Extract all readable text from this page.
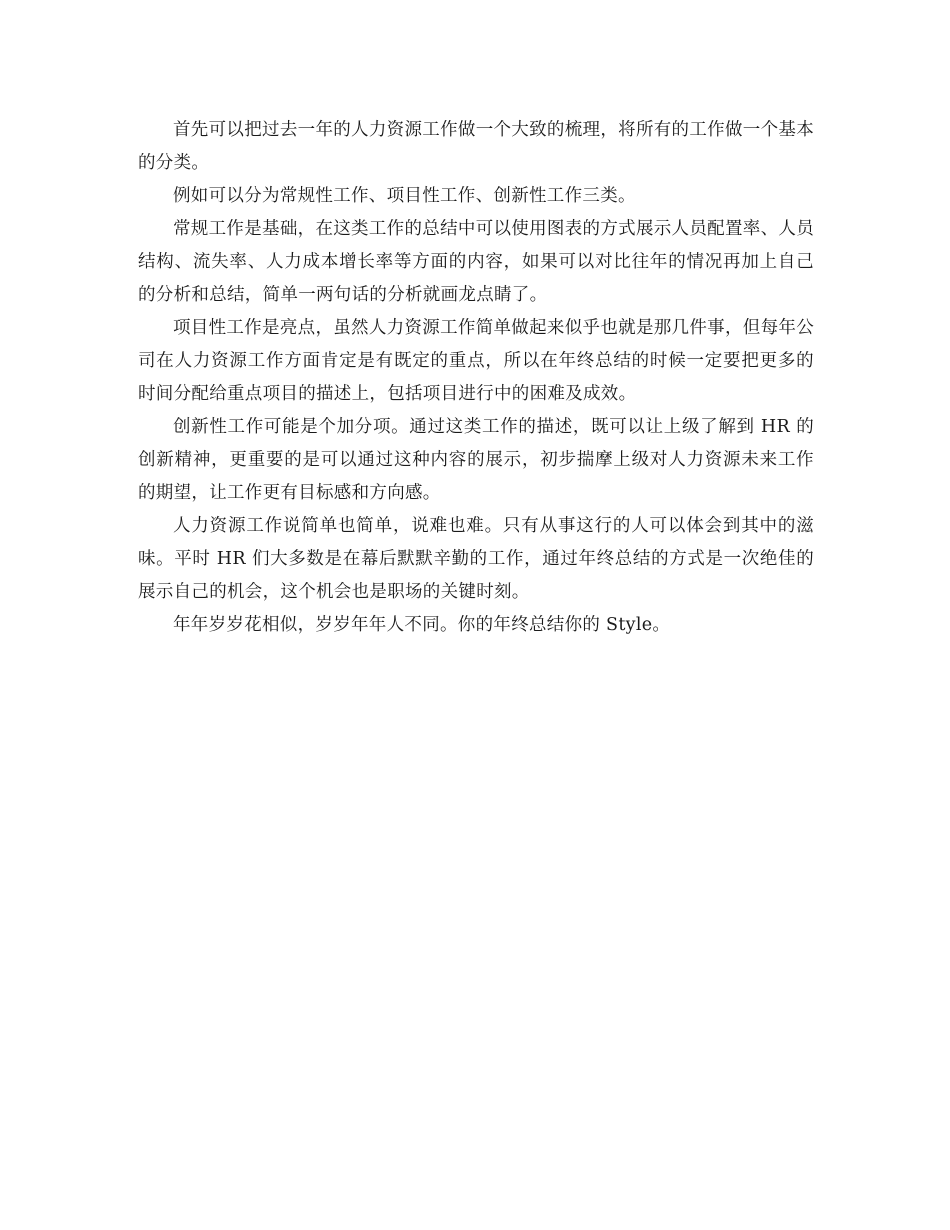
首先可以把过去一年的人力资源工作做一个大致的梳理，将所有的工作做一个基本的分类。

例如可以分为常规性工作、项目性工作、创新性工作三类。

常规工作是基础，在这类工作的总结中可以使用图表的方式展示人员配置率、人员结构、流失率、人力成本增长率等方面的内容，如果可以对比往年的情况再加上自己的分析和总结，简单一两句话的分析就画龙点睛了。

项目性工作是亮点，虽然人力资源工作简单做起来似乎也就是那几件事，但每年公司在人力资源工作方面肯定是有既定的重点，所以在年终总结的时候一定要把更多的时间分配给重点项目的描述上，包括项目进行中的困难及成效。

创新性工作可能是个加分项。通过这类工作的描述，既可以让上级了解到 HR 的创新精神，更重要的是可以通过这种内容的展示，初步揣摩上级对人力资源未来工作的期望，让工作更有目标感和方向感。

人力资源工作说简单也简单，说难也难。只有从事这行的人可以体会到其中的滋味。平时 HR 们大多数是在幕后默默辛勤的工作，通过年终总结的方式是一次绝佳的展示自己的机会，这个机会也是职场的关键时刻。

年年岁岁花相似，岁岁年年人不同。你的年终总结你的 Style。
